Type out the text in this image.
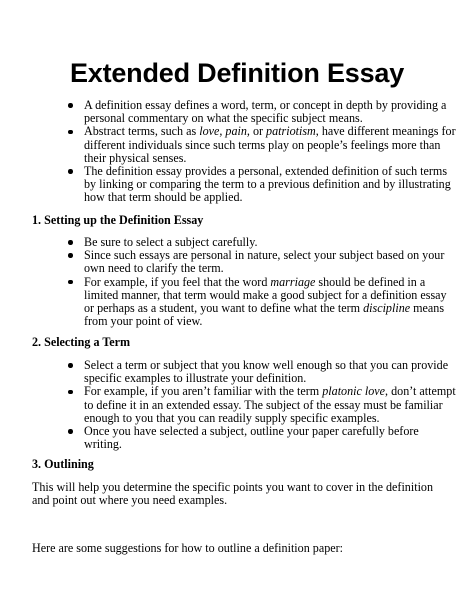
Extended Definition Essay
A definition essay defines a word, term, or concept in depth by providing a
personal commentary on what the specific subject means.
Abstract terms, such as love, pain, or patriotism, have different meanings for
different individuals since such terms play on people’s feelings more than
their physical senses.
The definition essay provides a personal, extended definition of such terms
by linking or comparing the term to a previous definition and by illustrating
how that term should be applied.
1. Setting up the Definition Essay
Be sure to select a subject carefully.
Since such essays are personal in nature, select your subject based on your
own need to clarify the term.
For example, if you feel that the word marriage should be defined in a
limited manner, that term would make a good subject for a definition essay
or perhaps as a student, you want to define what the term discipline means
from your point of view.
2. Selecting a Term
Select a term or subject that you know well enough so that you can provide
specific examples to illustrate your definition.
For example, if you aren’t familiar with the term platonic love, don’t attempt
to define it in an extended essay. The subject of the essay must be familiar
enough to you that you can readily supply specific examples.
Once you have selected a subject, outline your paper carefully before
writing.
3. Outlining

This will help you determine the specific points you want to cover in the definition
and point out where you need examples.

Here are some suggestions for how to outline a definition paper:
